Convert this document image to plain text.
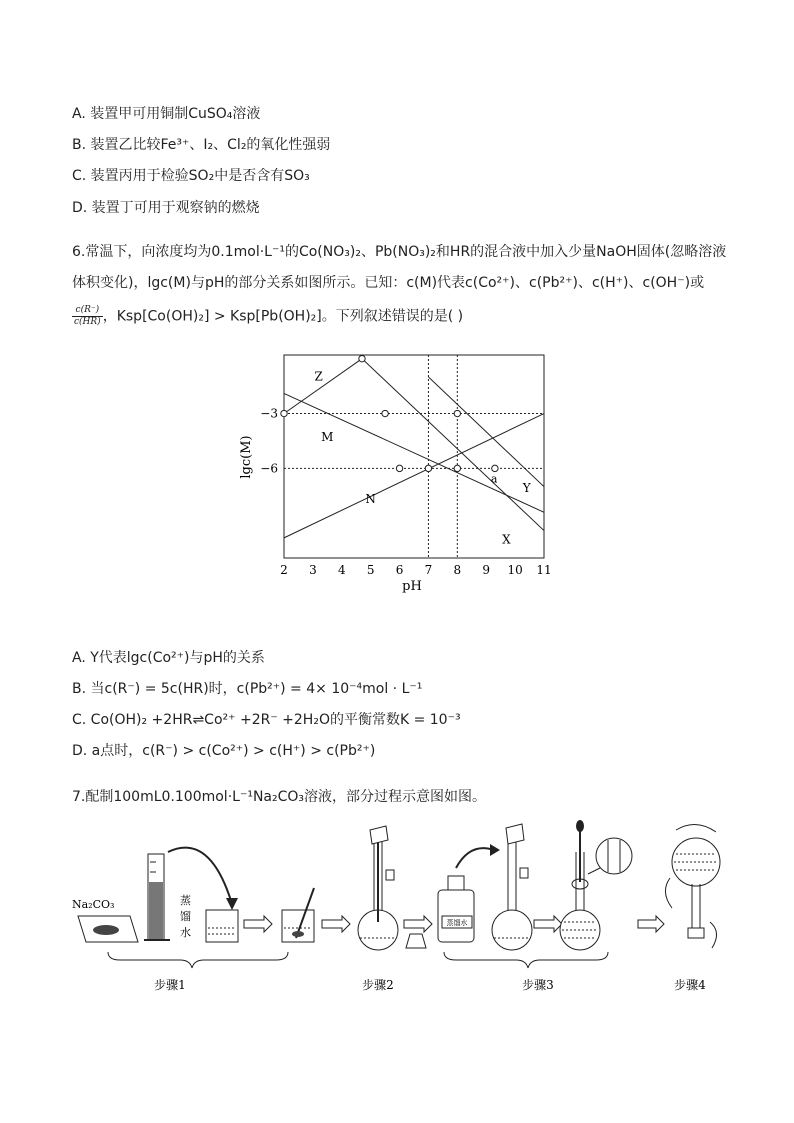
A. 装置甲可用铜制CuSO₄溶液
B. 装置乙比较Fe³⁺、I₂、Cl₂的氧化性强弱
C. 装置丙用于检验SO₂中是否含有SO₃
D. 装置丁可用于观察钠的燃烧
6.常温下，向浓度均为0.1mol·L⁻¹的Co(NO₃)₂、Pb(NO₃)₂和HR的混合液中加入少量NaOH固体(忽略溶液
体积变化)，lgc(M)与pH的部分关系如图所示。已知：c(M)代表c(Co²⁺)、c(Pb²⁺)、c(H⁺)、c(OH⁻)或
$\frac{c(R^-)}{c(HR)}$ ，Ksp[Co(OH)₂] > Ksp[Pb(OH)₂]。下列叙述错误的是( )
Z
M
N
Y
X
a
2 3 4 5 6 7 8 9 10 11
−3
−6
pH
lgc(M)
7.配制100mL0.100mol·L⁻¹Na₂CO₃溶液，部分过程示意图如图。
Na₂CO₃	蒸
馏
水
蒸馏水
步骤1	步骤2	步骤3	步骤4
A. Y代表lgc(Co²⁺)与pH的关系
B. 当c(R⁻) = 5c(HR)时，c(Pb²⁺) = 4× 10⁻⁴mol · L⁻¹
C. Co(OH)₂ +2HR⇌Co²⁺ +2R⁻ +2H₂O的平衡常数K = 10⁻³
D. a点时，c(R⁻) > c(Co²⁺) > c(H⁺) > c(Pb²⁺)
